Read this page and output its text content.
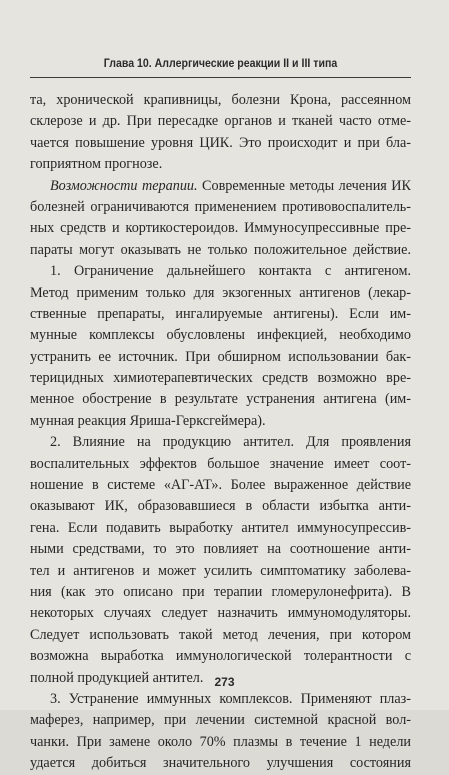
Глава 10. Аллергические реакции II и III типа
та, хронической крапивницы, болезни Крона, рассеянном
склерозе и др. При пересадке органов и тканей часто отме-
чается повышение уровня ЦИК. Это происходит и при бла-
гоприятном прогнозе.
Возможности терапии. Современные методы лечения ИК
болезней ограничиваются применением противовоспалитель-
ных средств и кортикостероидов. Иммуносупрессивные пре-
параты могут оказывать не только положительное действие.
1. Ограничение дальнейшего контакта с антигеном.
Метод применим только для экзогенных антигенов (лекар-
ственные препараты, ингалируемые антигены). Если им-
мунные комплексы обусловлены инфекцией, необходимо
устранить ее источник. При обширном использовании бак-
терицидных химиотерапевтических средств возможно вре-
менное обострение в результате устранения антигена (им-
мунная реакция Яриша-Герксгеймера).
2. Влияние на продукцию антител. Для проявления
воспалительных эффектов большое значение имеет соот-
ношение в системе «АГ-АТ». Более выраженное действие
оказывают ИК, образовавшиеся в области избытка анти-
гена. Если подавить выработку антител иммуносупрессив-
ными средствами, то это повлияет на соотношение анти-
тел и антигенов и может усилить симптоматику заболева-
ния (как это описано при терапии гломерулонефрита). В
некоторых случаях следует назначить иммуномодуляторы.
Следует использовать такой метод лечения, при котором
возможна выработка иммунологической толерантности с
полной продукцией антител.
3. Устранение иммунных комплексов. Применяют плаз-
маферез, например, при лечении системной красной вол-
чанки. При замене около 70% плазмы в течение 1 недели
удается добиться значительного улучшения состояния
273
